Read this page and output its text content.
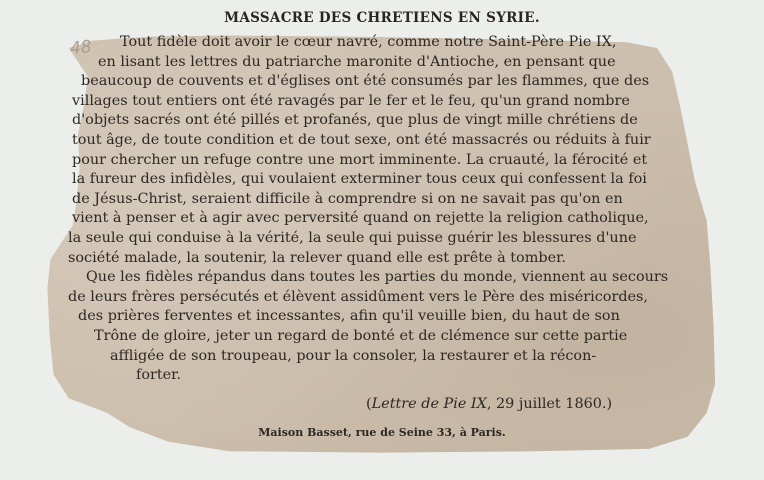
48
MASSACRE DES CHRETIENS EN SYRIE.
Tout fidèle doit avoir le cœur navré, comme notre Saint-Père Pie IX,
en lisant les lettres du patriarche maronite d'Antioche, en pensant que
beaucoup de couvents et d'églises ont été consumés par les flammes, que des
villages tout entiers ont été ravagés par le fer et le feu, qu'un grand nombre
d'objets sacrés ont été pillés et profanés, que plus de vingt mille chrétiens de
tout âge, de toute condition et de tout sexe, ont été massacrés ou réduits à fuir
pour chercher un refuge contre une mort imminente. La cruauté, la férocité et
la fureur des infidèles, qui voulaient exterminer tous ceux qui confessent la foi
de Jésus-Christ, seraient difficile à comprendre si on ne savait pas qu'on en
vient à penser et à agir avec perversité quand on rejette la religion catholique,
la seule qui conduise à la vérité, la seule qui puisse guérir les blessures d'une
société malade, la soutenir, la relever quand elle est prête à tomber.
Que les fidèles répandus dans toutes les parties du monde, viennent au secours
de leurs frères persécutés et élèvent assidûment vers le Père des miséricordes,
des prières ferventes et incessantes, afin qu'il veuille bien, du haut de son
Trône de gloire, jeter un regard de bonté et de clémence sur cette partie
affligée de son troupeau, pour la consoler, la restaurer et la récon-
forter.
(Lettre de Pie IX, 29 juillet 1860.)
Maison Basset, rue de Seine 33, à Paris.
